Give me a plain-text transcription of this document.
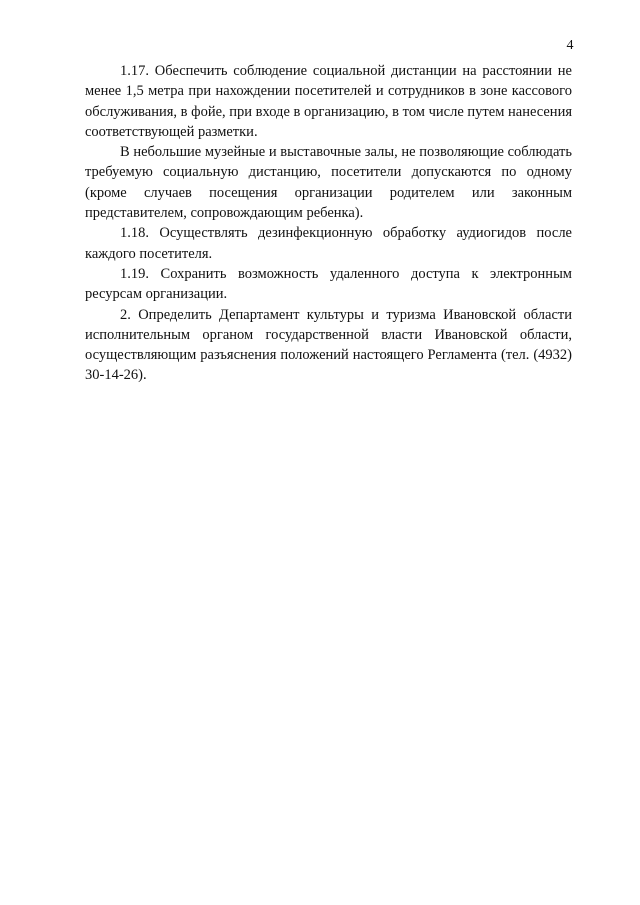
4

1.17. Обеспечить соблюдение социальной дистанции на расстоянии не менее 1,5 метра при нахождении посетителей и сотрудников в зоне кассового обслуживания, в фойе, при входе в организацию, в том числе путем нанесения соответствующей разметки.

В небольшие музейные и выставочные залы, не позволяющие соблюдать требуемую социальную дистанцию, посетители допускаются по одному (кроме случаев посещения организации родителем или законным представителем, сопровождающим ребенка).

1.18. Осуществлять дезинфекционную обработку аудиогидов после каждого посетителя.

1.19. Сохранить возможность удаленного доступа к электронным ресурсам организации.

2. Определить Департамент культуры и туризма Ивановской области исполнительным органом государственной власти Ивановской области, осуществляющим разъяснения положений настоящего Регламента (тел. (4932) 30-14-26).
